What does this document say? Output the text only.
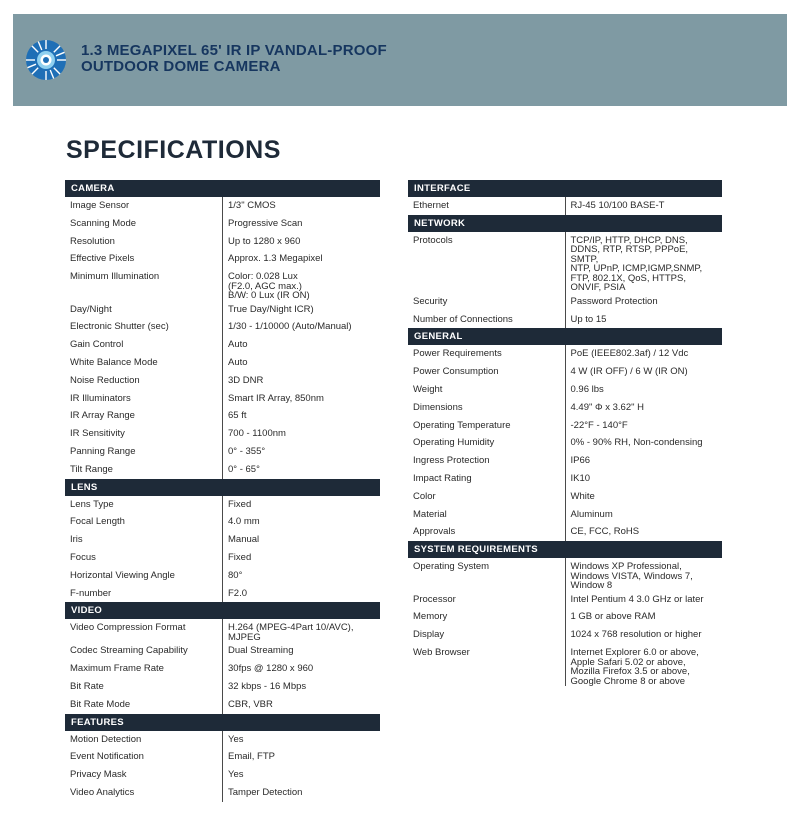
1.3 MEGAPIXEL 65' IR IP VANDAL-PROOF
OUTDOOR DOME CAMERA
SPECIFICATIONS
CAMERA	
Image Sensor	1/3" CMOS
Scanning Mode	Progressive Scan
Resolution	Up to 1280 x 960
Effective Pixels	Approx. 1.3 Megapixel
Minimum Illumination	Color: 0.028 Lux
(F2.0, AGC max.)
B/W: 0 Lux (IR ON)
Day/Night	True Day/Night ICR)
Electronic Shutter (sec)	1/30 - 1/10000 (Auto/Manual)
Gain Control	Auto
White Balance Mode	Auto
Noise Reduction	3D DNR
IR Illuminators	Smart IR Array, 850nm
IR Array Range	65 ft
IR Sensitivity	700 - 1100nm
Panning Range	0° - 355°
Tilt Range	0° - 65°
LENS	
Lens Type	Fixed
Focal Length	4.0 mm
Iris	Manual
Focus	Fixed
Horizontal Viewing Angle	80°
F-number	F2.0
VIDEO	
Video Compression Format	H.264 (MPEG-4Part 10/AVC),
MJPEG
Codec Streaming Capability	Dual Streaming
Maximum Frame Rate	30fps @ 1280 x 960
Bit Rate	32 kbps - 16 Mbps
Bit Rate Mode	CBR, VBR
FEATURES	
Motion Detection	Yes
Event Notification	Email, FTP
Privacy Mask	Yes
Video Analytics	Tamper Detection
INTERFACE	
Ethernet	RJ-45 10/100 BASE-T
NETWORK	
Protocols	TCP/IP, HTTP, DHCP, DNS,
DDNS, RTP, RTSP, PPPoE, SMTP,
NTP, UPnP, ICMP,IGMP,SNMP,
FTP, 802.1X, QoS, HTTPS,
ONVIF, PSIA
Security	Password Protection
Number of Connections	Up to 15
GENERAL	
Power Requirements	PoE (IEEE802.3af) / 12 Vdc
Power Consumption	4 W (IR OFF) / 6 W (IR ON)
Weight	0.96 lbs
Dimensions	4.49" Φ x 3.62" H
Operating Temperature	-22°F - 140°F
Operating Humidity	0% - 90% RH, Non-condensing
Ingress Protection	IP66
Impact Rating	IK10
Color	White
Material	Aluminum
Approvals	CE, FCC, RoHS
SYSTEM REQUIREMENTS	
Operating System	Windows XP Professional,
Windows VISTA, Windows 7,
Window 8
Processor	Intel Pentium 4 3.0 GHz or later
Memory	1 GB or above RAM
Display	1024 x 768 resolution or higher
Web Browser	Internet Explorer 6.0 or above,
Apple Safari 5.02 or above,
Mozilla Firefox 3.5 or above,
Google Chrome 8 or above
